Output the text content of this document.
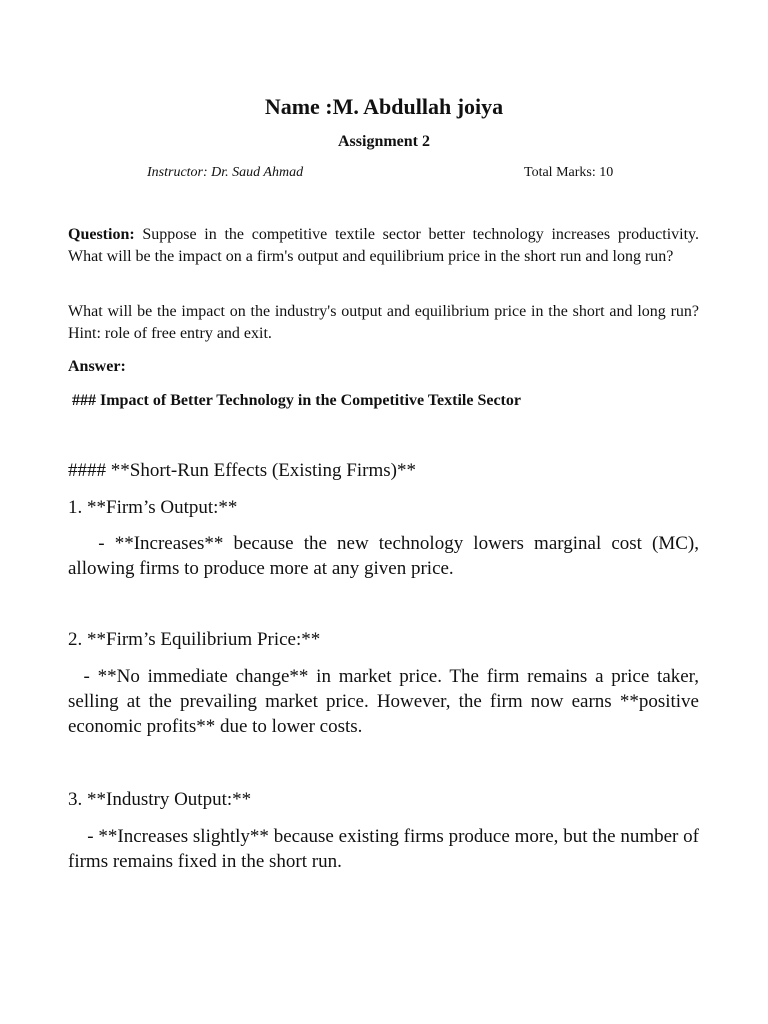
Name :M. Abdullah joiya
Assignment 2
Instructor: Dr. Saud Ahmad	Total Marks: 10
Question: Suppose in the competitive textile sector better technology increases productivity. What will be the impact on a firm's output and equilibrium price in the short run and long run?
What will be the impact on the industry's output and equilibrium price in the short and long run? Hint: role of free entry and exit.
Answer:
### Impact of Better Technology in the Competitive Textile Sector
#### **Short-Run Effects (Existing Firms)**
1. **Firm’s Output:**
- **Increases** because the new technology lowers marginal cost (MC), allowing firms to produce more at any given price.
2. **Firm’s Equilibrium Price:**
- **No immediate change** in market price. The firm remains a price taker, selling at the prevailing market price. However, the firm now earns **positive economic profits** due to lower costs.
3. **Industry Output:**
- **Increases slightly** because existing firms produce more, but the number of firms remains fixed in the short run.
